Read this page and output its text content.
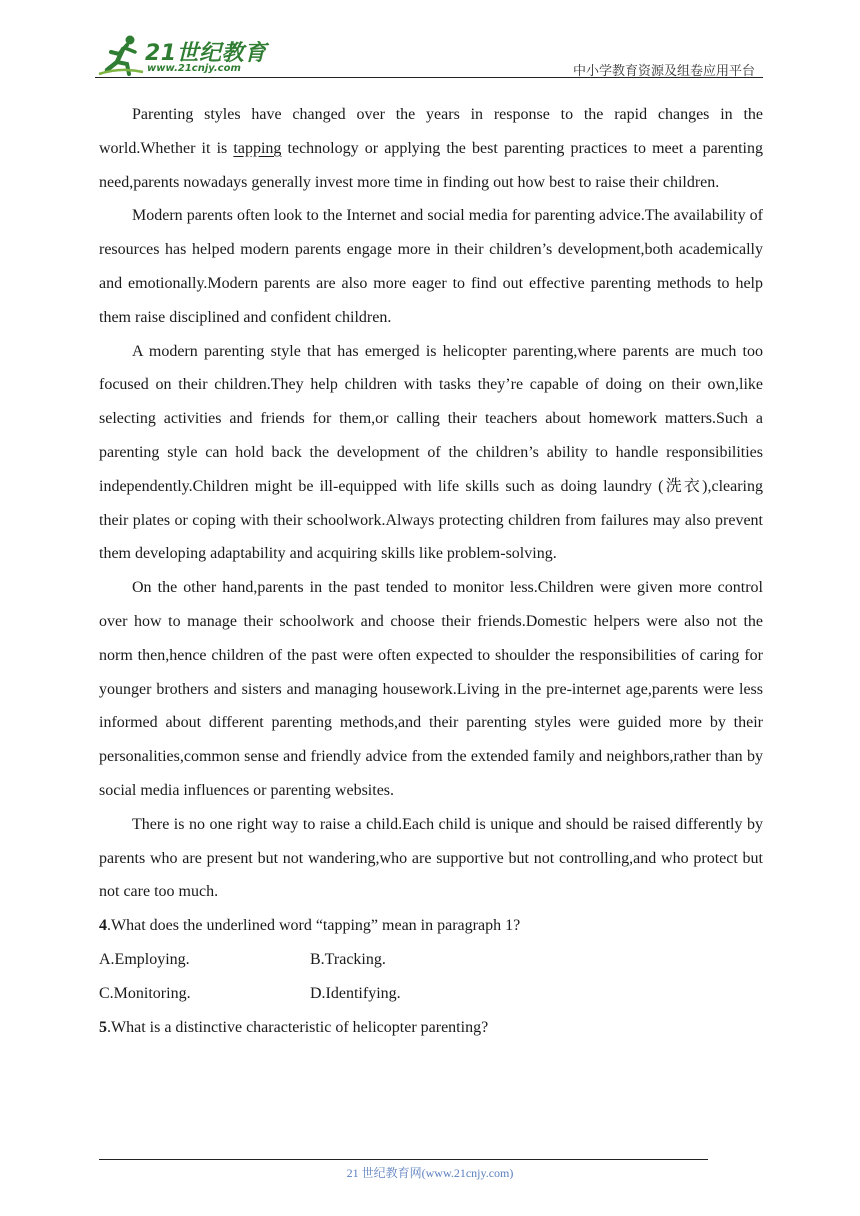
21世纪教育
www.21cnjy.com	中小学教育资源及组卷应用平台

Parenting styles have changed over the years in response to the rapid changes in the world.Whether it is tapping technology or applying the best parenting practices to meet a parenting need,parents nowadays generally invest more time in finding out how best to raise their children.

Modern parents often look to the Internet and social media for parenting advice.The availability of resources has helped modern parents engage more in their children’s development,both academically and emotionally.Modern parents are also more eager to find out effective parenting methods to help them raise disciplined and confident children.

A modern parenting style that has emerged is helicopter parenting,where parents are much too focused on their children.They help children with tasks they’re capable of doing on their own,like selecting activities and friends for them,or calling their teachers about homework matters.Such a parenting style can hold back the development of the children’s ability to handle responsibilities independently.Children might be ill-equipped with life skills such as doing laundry (洗衣),clearing their plates or coping with their schoolwork.Always protecting children from failures may also prevent them developing adaptability and acquiring skills like problem-solving.

On the other hand,parents in the past tended to monitor less.Children were given more control over how to manage their schoolwork and choose their friends.Domestic helpers were also not the norm then,hence children of the past were often expected to shoulder the responsibilities of caring for younger brothers and sisters and managing housework.Living in the pre-internet age,parents were less informed about different parenting methods,and their parenting styles were guided more by their personalities,common sense and friendly advice from the extended family and neighbors,rather than by social media influences or parenting websites.

There is no one right way to raise a child.Each child is unique and should be raised differently by parents who are present but not wandering,who are supportive but not controlling,and who protect but not care too much.

4.What does the underlined word “tapping” mean in paragraph 1?

A.Employing.	B.Tracking.
C.Monitoring.	D.Identifying.

5.What is a distinctive characteristic of helicopter parenting?

21 世纪教育网(www.21cnjy.com)
